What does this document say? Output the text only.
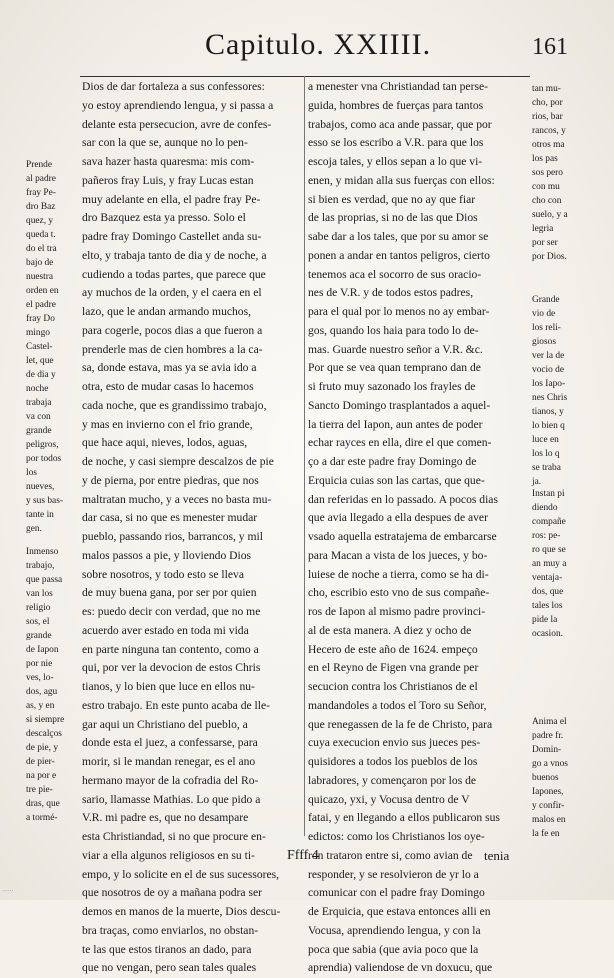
Capitulo. XXIIII.	161
Prende
al padre
fray Pe-
dro Baz
quez, y
queda t.
do el tra
bajo de
nuestra
orden en
el padre
fray Do
mingo
Castel-
let, que
de dia y
noche
trabaja
va con
grande
peligros,
por todos
los
nueves,
y sus bas-
tante in
gen.
Inmenso
trabajo,
que passa
van los
religio
sos, el
grande
de Iapon
por nie
ves, lo-
dos, agu
as, y en
si siempre
descalços
de pie, y
de pier-
na por e
tre pie-
dras, que
a tormé-
Dios de dar fortaleza a sus confessores:
yo estoy aprendiendo lengua, y si passa a
delante esta persecucion, avre de confes-
sar con la que se, aunque no lo pen-
sava hazer hasta quaresma: mis com-
pañeros fray Luis, y fray Lucas estan
muy adelante en ella, el padre fray Pe-
dro Bazquez esta ya presso. Solo el
padre fray Domingo Castellet anda su-
elto, y trabaja tanto de dia y de noche, a
cudiendo a todas partes, que parece que
ay muchos de la orden, y el caera en el
lazo, que le andan armando muchos,
para cogerle, pocos dias a que fueron a
prenderle mas de cien hombres a la ca-
sa, donde estava, mas ya se avia ido a
otra, esto de mudar casas lo hacemos
cada noche, que es grandissimo trabajo,
y mas en invierno con el frio grande,
que hace aqui, nieves, lodos, aguas,
de noche, y casi siempre descalzos de pie
y de pierna, por entre piedras, que nos
maltratan mucho, y a veces no basta mu-
dar casa, si no que es menester mudar
pueblo, passando rios, barrancos, y mil
malos passos a pie, y lloviendo Dios
sobre nosotros, y todo esto se lleva
de muy buena gana, por ser por quien
es: puedo decir con verdad, que no me
acuerdo aver estado en toda mi vida
en parte ninguna tan contento, como a
qui, por ver la devocion de estos Chris
tianos, y lo bien que luce en ellos nu-
estro trabajo. En este punto acaba de lle-
gar aqui un Christiano del pueblo, a
donde esta el juez, a confessarse, para
morir, si le mandan renegar, es el ano
hermano mayor de la cofradia del Ro-
sario, llamasse Mathias. Lo que pido a
V.R. mi padre es, que no desampare
esta Christiandad, si no que procure en-
viar a ella algunos religiosos en su ti-
empo, y lo solicite en el de sus sucessores,
que nosotros de oy a mañana podra ser
demos en manos de la muerte, Dios descu-
bra traças, como enviarlos, no obstan-
te las que estos tiranos an dado, para
que no vengan, pero sean tales quales
a menester vna Christiandad tan perse-
guida, hombres de fuerças para tantos
trabajos, como aca ande passar, que por
esso se los escribo a V.R. para que los
escoja tales, y ellos sepan a lo que vi-
enen, y midan alla sus fuerças con ellos:
si bien es verdad, que no ay que fiar
de las proprias, si no de las que Dios
sabe dar a los tales, que por su amor se
ponen a andar en tantos peligros, cierto
tenemos aca el socorro de sus oracio-
nes de V.R. y de todos estos padres,
para el qual por lo menos no ay embar-
gos, quando los haia para todo lo de-
mas. Guarde nuestro señor a V.R. &c.
Por que se vea quan temprano dan de
si fruto muy sazonado los frayles de
Sancto Domingo trasplantados a aquel-
la tierra del Iapon, aun antes de poder
echar rayces en ella, dire el que comen-
ço a dar este padre fray Domingo de
Erquicia cuias son las cartas, que que-
dan referidas en lo passado. A pocos dias
que avia llegado a ella despues de aver
vsado aquella estratajema de embarcarse
para Macan a vista de los jueces, y bo-
luiese de noche a tierra, como se ha di-
cho, escribio esto vno de sus compañe-
ros de Iapon al mismo padre provinci-
al de esta manera. A diez y ocho de
Hecero de este año de 1624. empeço
en el Reyno de Figen vna grande per
secucion contra los Christianos de el
mandandoles a todos el Toro su Señor,
que renegassen de la fe de Christo, para
cuya execucion envio sus jueces pes-
quisidores a todos los pueblos de los
labradores, y començaron por los de
quicazo, yxi, y Vocusa dentro de V
fatai, y en llegando a ellos publicaron sus
edictos: como los Christianos los oye-
ron trataron entre si, como avian de
responder, y se resolvieron de yr lo a
comunicar con el padre fray Domingo
de Erquicia, que estava entonces alli en
Vocusa, aprendiendo lengua, y con la
poca que sabia (que avia poco que la
aprendia) valiendose de vn doxucu, que
tan mu-
cho, por
rios, bar
rancos, y
otros ma
los pas
sos pero
con mu
cho con
suelo, y a
legria
por ser
por Dios.
Grande
vio de
los reli-
giosos
ver la de
vocio de
los Iapo-
nes Chris
tianos, y
lo bien q
luce en
los lo q
se traba
ja.
Instan pi
diendo
compañe
ros: pe-
ro que se
an muy a
ventaja-
dos, que
tales los
pide la
ocasion.
Anima el
padre fr.
Domin-
go a vnos
buenos
Iapones,
y confir-
malos en
la fe en
Ffff 4	tenia
······
